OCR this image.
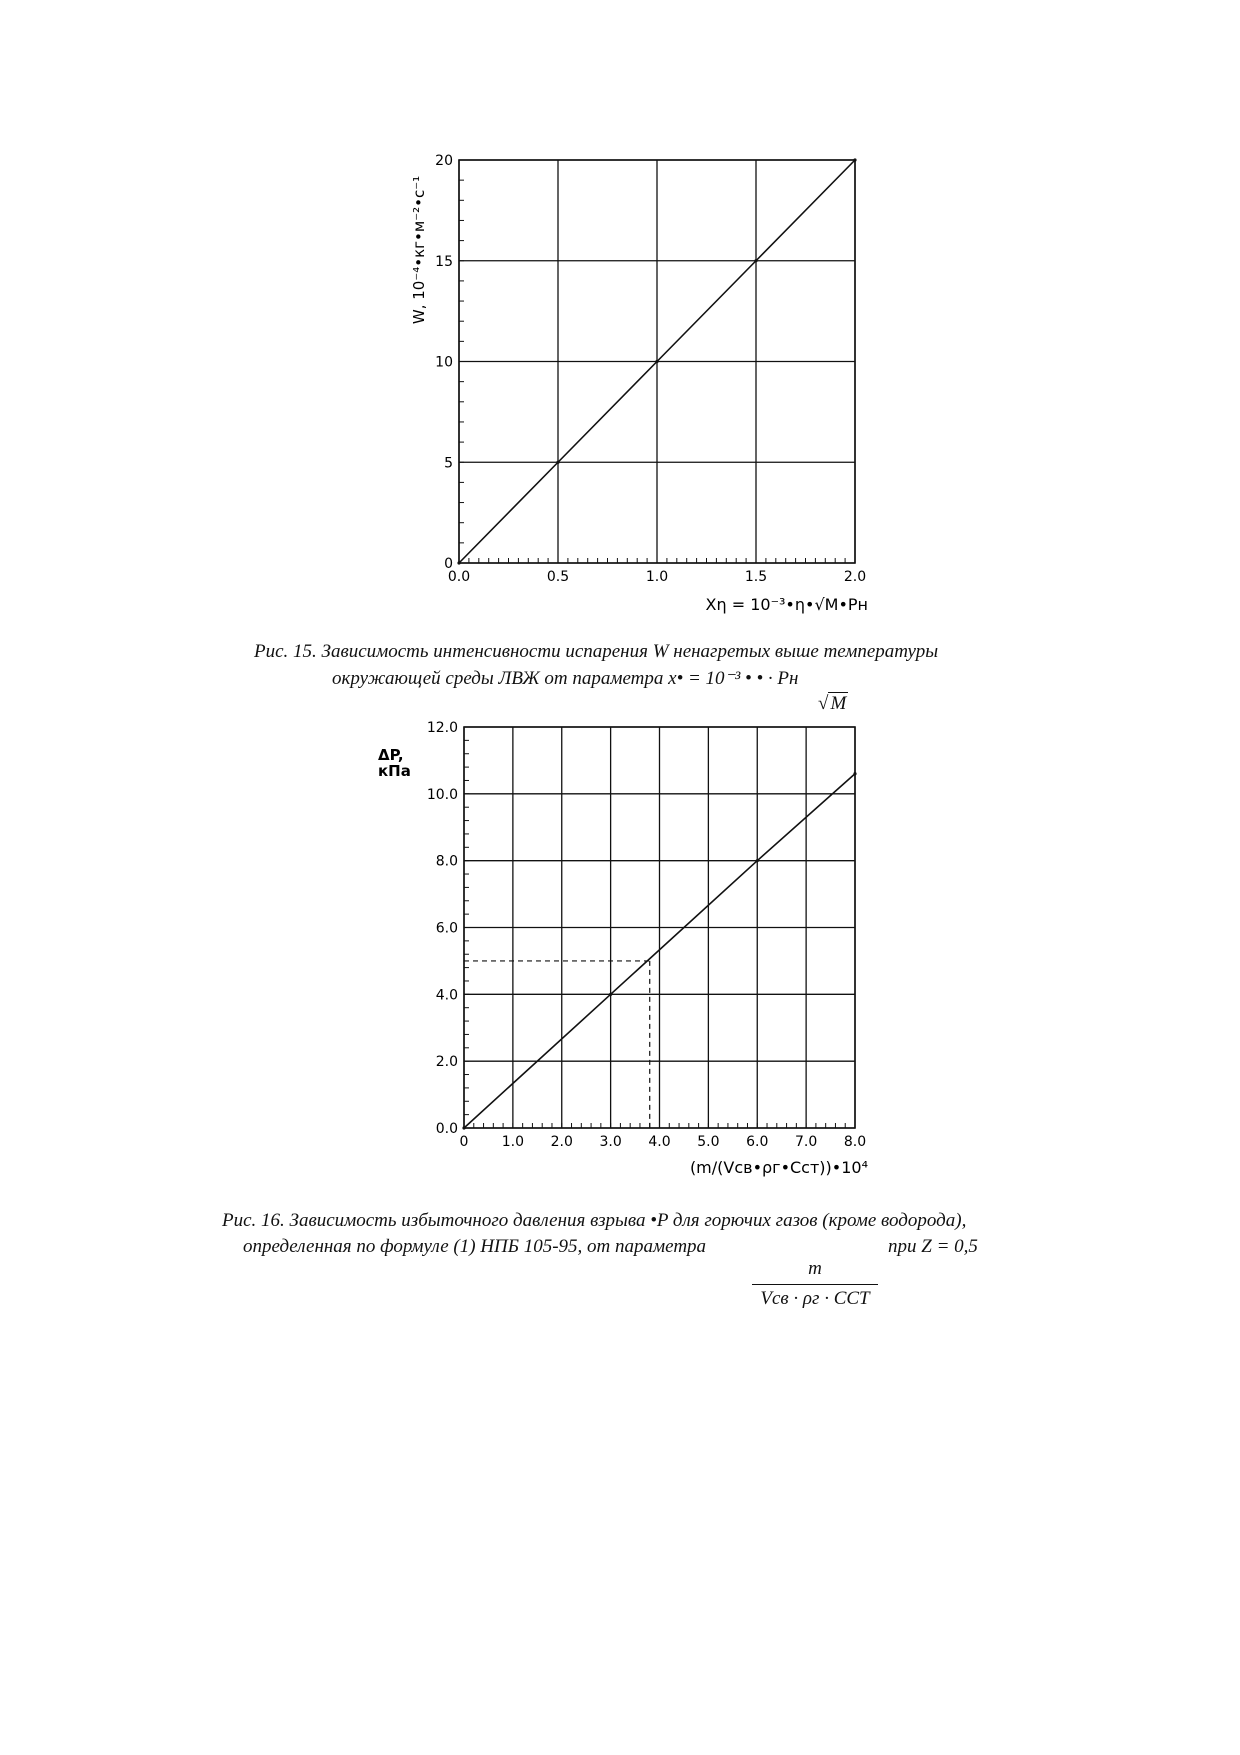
0.0	0.5	1.0	1.5	2.0
0
5
10
15
20
Xη = 10⁻³•η•√M•Pн
W, 10⁻⁴•кг•м⁻²•с⁻¹
Рис. 15. Зависимость интенсивности испарения W ненагретых выше температуры
окружающей среды ЛВЖ от параметра x• = 10⁻³ • • · Pн
√ M
0 1.0 2.0 3.0 4.0 5.0 6.0 7.0 8.0
0.0
2.0
4.0
6.0
8.0
10.0
12.0
(m/(Vсв•ρг•Сст))•10⁴
ΔP, кПа
Рис. 16. Зависимость избыточного давления взрыва •P для горючих газов (кроме водорода),
определенная по формуле (1) НПБ 105-95, от параметра	при Z = 0,5
m
Vсв · ρг · CСТ
